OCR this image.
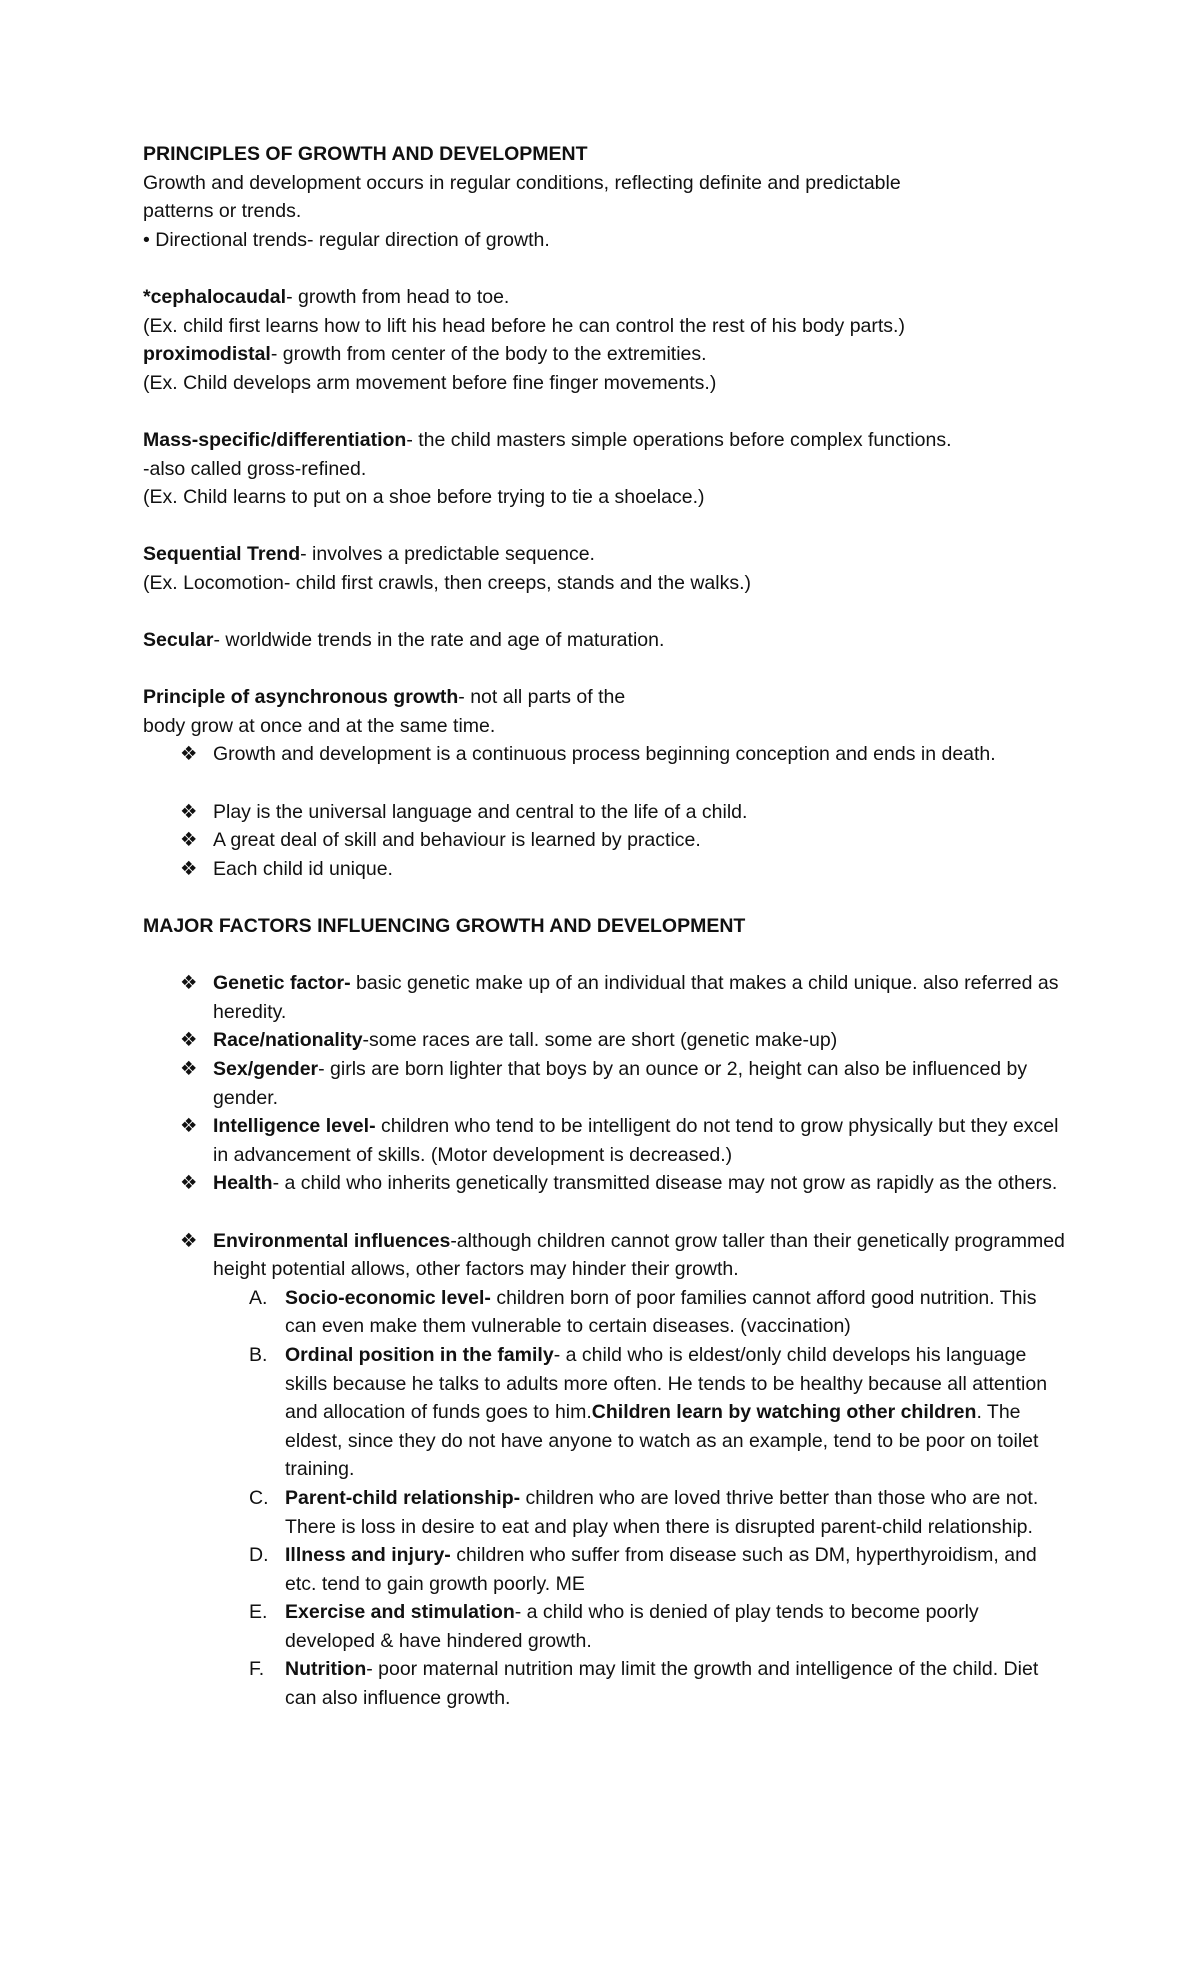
PRINCIPLES OF GROWTH AND DEVELOPMENT

Growth and development occurs in regular conditions, reflecting definite and predictable

patterns or trends.

• Directional trends- regular direction of growth.

*cephalocaudal- growth from head to toe.

(Ex. child first learns how to lift his head before he can control the rest of his body parts.)

proximodistal- growth from center of the body to the extremities.

(Ex. Child develops arm movement before fine finger movements.)

Mass-specific/differentiation- the child masters simple operations before complex functions.

-also called gross-refined.

(Ex. Child learns to put on a shoe before trying to tie a shoelace.)

Sequential Trend- involves a predictable sequence.

(Ex. Locomotion- child first crawls, then creeps, stands and the walks.)

Secular- worldwide trends in the rate and age of maturation.

Principle of asynchronous growth- not all parts of the

body grow at once and at the same time.

❖ Growth and development is a continuous process beginning conception and ends in death.
❖ Play is the universal language and central to the life of a child.
❖ A great deal of skill and behaviour is learned by practice.
❖ Each child id unique.

MAJOR FACTORS INFLUENCING GROWTH AND DEVELOPMENT

❖ Genetic factor- basic genetic make up of an individual that makes a child unique. also referred as heredity.
❖ Race/nationality-some races are tall. some are short (genetic make-up)
❖ Sex/gender- girls are born lighter that boys by an ounce or 2, height can also be influenced by gender.
❖ Intelligence level- children who tend to be intelligent do not tend to grow physically but they excel in advancement of skills. (Motor development is decreased.)
❖ Health- a child who inherits genetically transmitted disease may not grow as rapidly as the others.
❖ Environmental influences-although children cannot grow taller than their genetically programmed height potential allows, other factors may hinder their growth.
A. Socio-economic level- children born of poor families cannot afford good nutrition. This can even make them vulnerable to certain diseases. (vaccination)
B. Ordinal position in the family- a child who is eldest/only child develops his language skills because he talks to adults more often. He tends to be healthy because all attention and allocation of funds goes to him.Children learn by watching other children. The eldest, since they do not have anyone to watch as an example, tend to be poor on toilet training.
C. Parent-child relationship- children who are loved thrive better than those who are not. There is loss in desire to eat and play when there is disrupted parent-child relationship.
D. Illness and injury- children who suffer from disease such as DM, hyperthyroidism, and etc. tend to gain growth poorly. ME
E. Exercise and stimulation- a child who is denied of play tends to become poorly developed & have hindered growth.
F. Nutrition- poor maternal nutrition may limit the growth and intelligence of the child. Diet can also influence growth.
